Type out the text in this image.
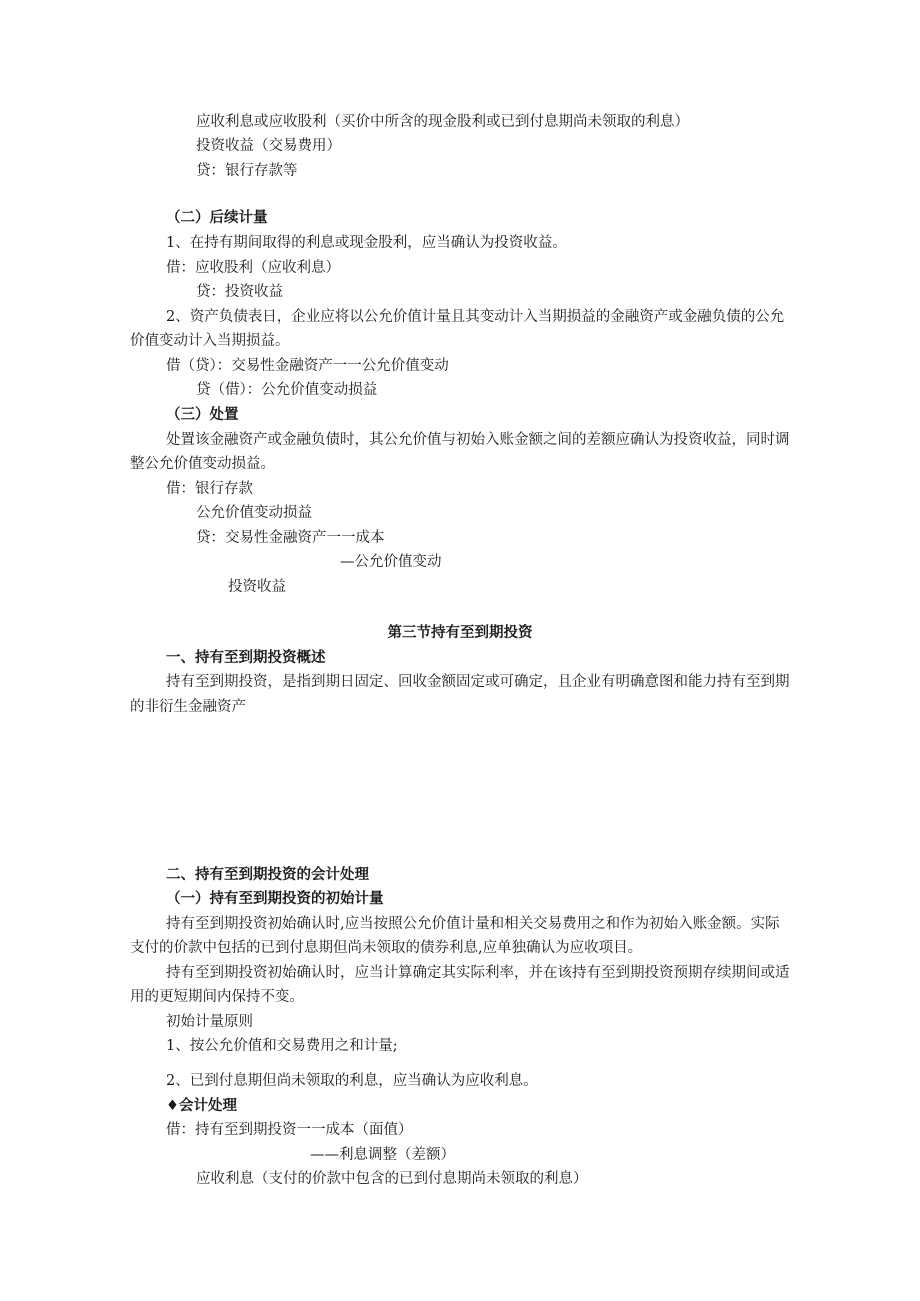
应收利息或应收股利（买价中所含的现金股利或已到付息期尚未领取的利息）
投资收益（交易费用）
贷：银行存款等
（二）后续计量
1、在持有期间取得的利息或现金股利，应当确认为投资收益。
借：应收股利（应收利息）
贷：投资收益
2、资产负债表日，企业应将以公允价值计量且其变动计入当期损益的金融资产或金融负债的公允
价值变动计入当期损益。
借（贷）：交易性金融资产一一公允价值变动
贷（借）：公允价值变动损益
（三）处置
处置该金融资产或金融负债时，其公允价值与初始入账金额之间的差额应确认为投资收益，同时调
整公允价值变动损益。
借：银行存款
公允价值变动损益
贷：交易性金融资产一一成本
—公允价值变动
投资收益
第三节持有至到期投资
一、持有至到期投资概述
持有至到期投资，是指到期日固定、回收金额固定或可确定，且企业有明确意图和能力持有至到期
的非衍生金融资产
二、持有至到期投资的会计处理
（一）持有至到期投资的初始计量
持有至到期投资初始确认时,应当按照公允价值计量和相关交易费用之和作为初始入账金额。实际
支付的价款中包括的已到付息期但尚未领取的债券利息,应单独确认为应收项目。
持有至到期投资初始确认时，应当计算确定其实际利率，并在该持有至到期投资预期存续期间或适
用的更短期间内保持不变。
初始计量原则
1、按公允价值和交易费用之和计量;
2、已到付息期但尚未领取的利息，应当确认为应收利息。
♦会计处理
借：持有至到期投资一一成本（面值）
——利息调整（差额）
应收利息（支付的价款中包含的已到付息期尚未领取的利息）
